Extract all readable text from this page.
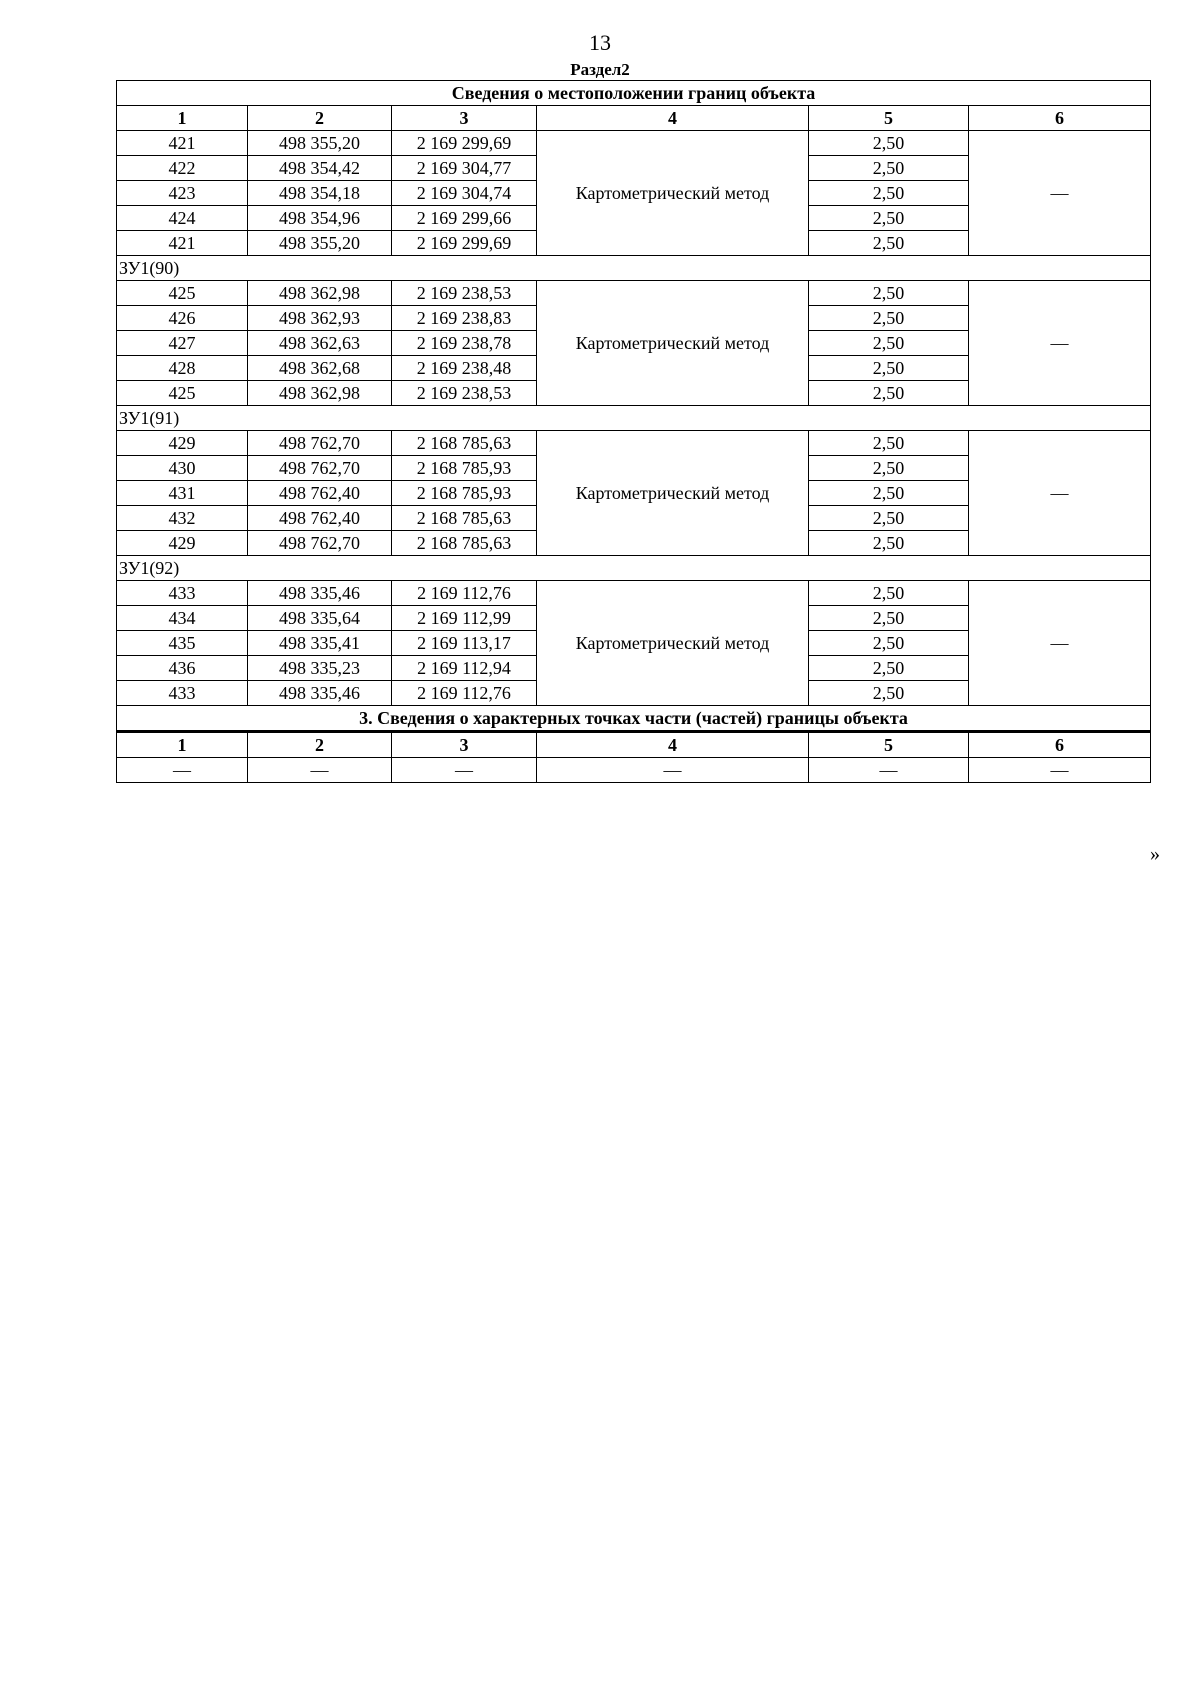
13
Раздел2
Сведения о местоположении границ объекта					
1	2	3	4	5	6
421	498 355,20	2 169 299,69	Картометрический метод	2,50	—
422	498 354,42	2 169 304,77		2,50	
423	498 354,18	2 169 304,74		2,50	
424	498 354,96	2 169 299,66		2,50	
421	498 355,20	2 169 299,69		2,50	
ЗУ1(90)					
425	498 362,98	2 169 238,53	Картометрический метод	2,50	—
426	498 362,93	2 169 238,83		2,50	
427	498 362,63	2 169 238,78		2,50	
428	498 362,68	2 169 238,48		2,50	
425	498 362,98	2 169 238,53		2,50	
ЗУ1(91)					
429	498 762,70	2 168 785,63	Картометрический метод	2,50	—
430	498 762,70	2 168 785,93		2,50	
431	498 762,40	2 168 785,93		2,50	
432	498 762,40	2 168 785,63		2,50	
429	498 762,70	2 168 785,63		2,50	
ЗУ1(92)					
433	498 335,46	2 169 112,76	Картометрический метод	2,50	—
434	498 335,64	2 169 112,99		2,50	
435	498 335,41	2 169 113,17		2,50	
436	498 335,23	2 169 112,94		2,50	
433	498 335,46	2 169 112,76		2,50	
3. Сведения о характерных точках части (частей) границы объекта					
1	2	3	4	5	6
—	—	—	—	—	—
»
